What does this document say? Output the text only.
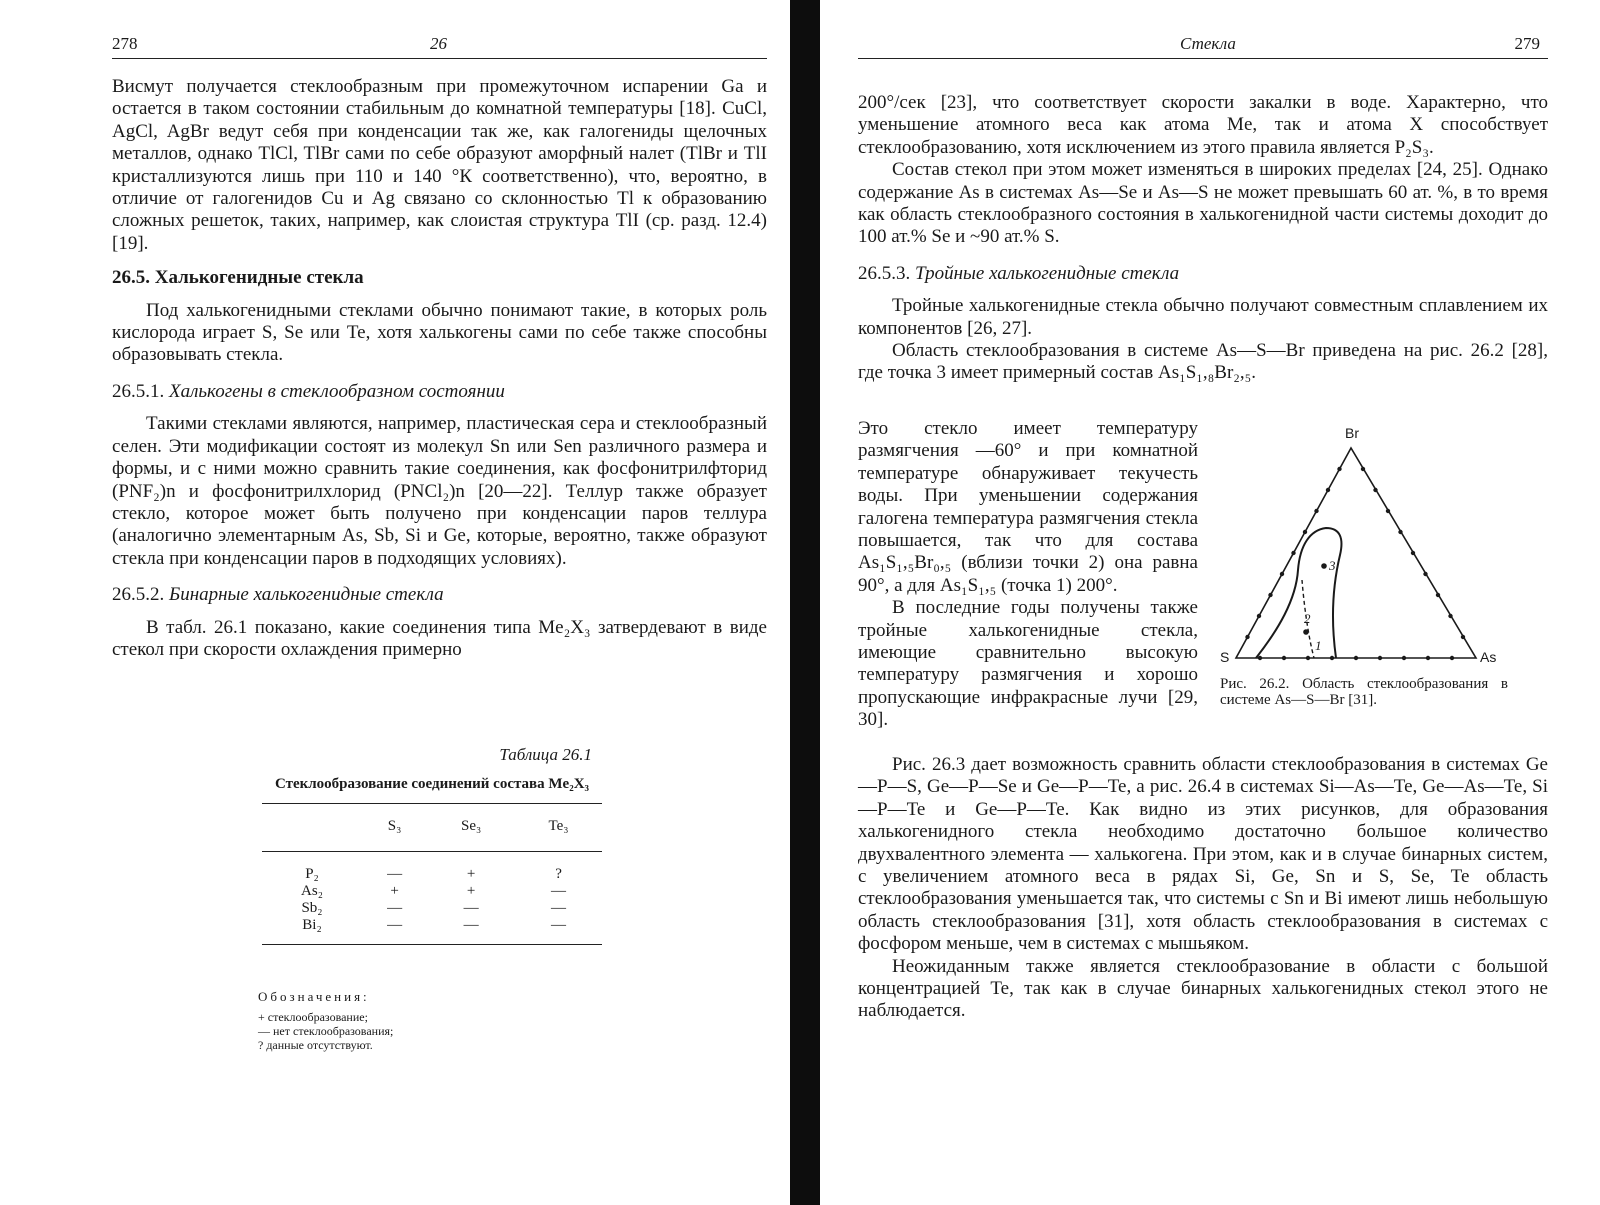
278	26

Висмут получается стеклообразным при промежуточном испарении Ga и остается в таком состоянии стабильным до комнатной температуры [18]. CuCl, AgCl, AgBr ведут себя при конденсации так же, как галогениды щелочных металлов, однако TlCl, TlBr сами по себе образуют аморфный налет (TlBr и TlI кристаллизуются лишь при 110 и 140 °К соответственно), что, вероятно, в отличие от галогенидов Cu и Ag связано со склонностью Tl к образованию сложных решеток, таких, например, как слоистая структура TlI (ср. разд. 12.4) [19].

26.5. Халькогенидные стекла

Под халькогенидными стеклами обычно понимают такие, в которых роль кислорода играет S, Se или Te, хотя халькогены сами по себе также способны образовывать стекла.

26.5.1. Халькогены в стеклообразном состоянии

Такими стеклами являются, например, пластическая сера и стеклообразный селен. Эти модификации состоят из молекул Sn или Sen различного размера и формы, и с ними можно сравнить такие соединения, как фосфонитрилфторид (PNF₂)n и фосфонитрилхлорид (PNCl₂)n [20—22]. Теллур также образует стекло, которое может быть получено при конденсации паров теллура (аналогично элементарным As, Sb, Si и Ge, которые, вероятно, также образуют стекла при конденсации паров в подходящих условиях).

26.5.2. Бинарные халькогенидные стекла

В табл. 26.1 показано, какие соединения типа Me₂X₃ затвердевают в виде стекол при скорости охлаждения примерно

Таблица 26.1
Стеклообразование соединений состава Me₂X₃
	S₃	Se₃	Te₃
P₂	—	+	?
As₂	+	+	—
Sb₂	—	—	—
Bi₂	—	—	—
Обозначения:
+ стеклообразование;
— нет стеклообразования;
? данные отсутствуют.
Стекла	279

200°/сек [23], что соответствует скорости закалки в воде. Характерно, что уменьшение атомного веса как атома Me, так и атома X способствует стеклообразованию, хотя исключением из этого правила является P₂S₃.

Состав стекол при этом может изменяться в широких пределах [24, 25]. Однако содержание As в системах As—Se и As—S не может превышать 60 ат. %, в то время как область стеклообразного состояния в халькогенидной части системы доходит до 100 ат.% Se и ~90 ат.% S.

26.5.3. Тройные халькогенидные стекла

Тройные халькогенидные стекла обычно получают совместным сплавлением их компонентов [26, 27].

Область стеклообразования в системе As—S—Br приведена на рис. 26.2 [28], где точка 3 имеет примерный состав As₁S₁,₈Br₂,₅.

Это стекло имеет температуру размягчения —60° и при комнатной температуре обнаруживает текучесть воды. При уменьшении содержания галогена температура размягчения стекла повышается, так что для состава As₁S₁,₅Br₀,₅ (вблизи точки 2) она равна 90°, а для As₁S₁,₅ (точка 1) 200°.

В последние годы получены также тройные халькогенидные стекла, имеющие сравнительно высокую температуру размягчения и хорошо пропускающие инфракрасные лучи [29, 30].

Рис. 26.3 дает возможность сравнить области стеклообразования в системах Ge—P—S, Ge—P—Se и Ge—P—Te, а рис. 26.4 в системах Si—As—Te, Ge—As—Te, Si—P—Te и Ge—P—Te. Как видно из этих рисунков, для образования халькогенидного стекла необходимо достаточно большое количество двухвалентного элемента — халькогена. При этом, как и в случае бинарных систем, с увеличением атомного веса в рядах Si, Ge, Sn и S, Se, Te область стеклообразования уменьшается так, что системы с Sn и Bi имеют лишь небольшую область стеклообразования [31], хотя область стеклообразования в системах с фосфором меньше, чем в системах с мышьяком.

Неожиданным также является стеклообразование в области с большой концентрацией Te, так как в случае бинарных халькогенидных стекол этого не наблюдается.

Br
S	As
3
2
1
Рис. 26.2. Область стеклообразования в системе As—S—Br [31].
